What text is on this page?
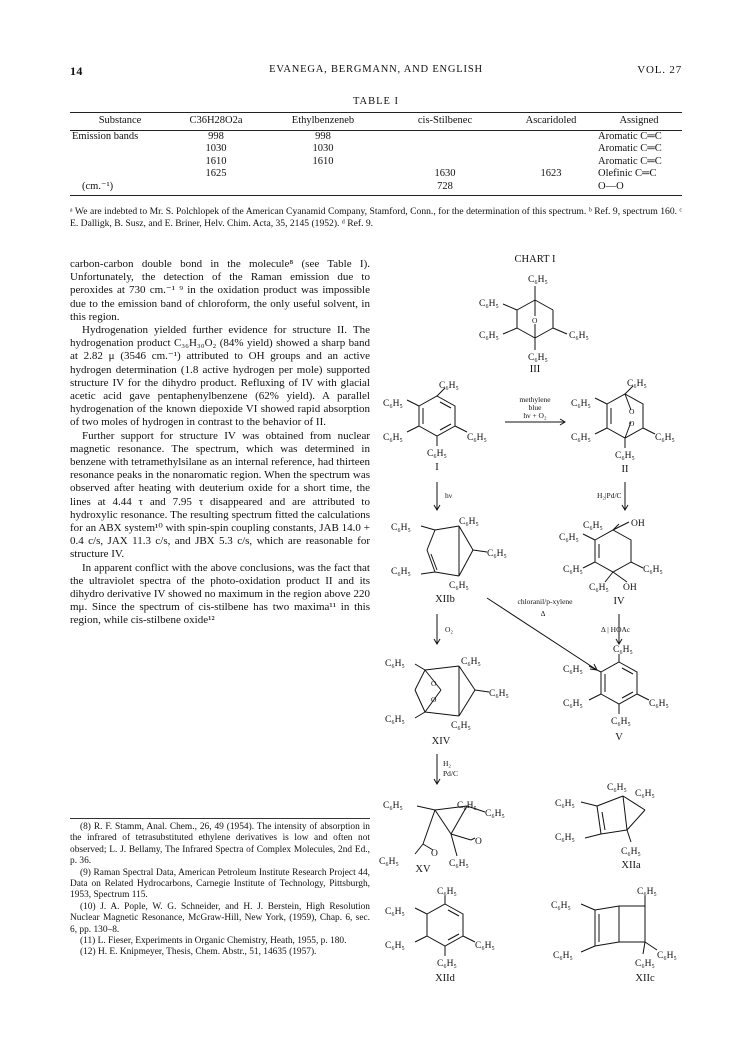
14	EVANEGA, BERGMANN, AND ENGLISH	VOL. 27
TABLE I
Substance	C36H28O2a	Ethylbenzeneb	cis-Stilbenec	Ascaridoled	Assigned
Emission bands	998	998			Aromatic C═C
	1030	1030			Aromatic C═C
	1610	1610			Aromatic C═C
	1625		1630	1623	Olefinic C═C
(cm.⁻¹)			728		O—O
ᵃ We are indebted to Mr. S. Polchlopek of the American Cyanamid Company, Stamford, Conn., for the determination of this spectrum. ᵇ Ref. 9, spectrum 160. ᶜ E. Dalligk, B. Susz, and E. Briner, Helv. Chim. Acta, 35, 2145 (1952). ᵈ Ref. 9.

carbon-carbon double bond in the molecule⁸ (see Table I). Unfortunately, the detection of the Raman emission due to peroxides at 730 cm.⁻¹ ⁹ in the oxidation product was impossible due to the emission band of chloroform, the only useful solvent, in this region.

Hydrogenation yielded further evidence for structure II. The hydrogenation product C₃₆H₃₀O₂ (84% yield) showed a sharp band at 2.82 μ (3546 cm.⁻¹) attributed to OH groups and an active hydrogen determination (1.8 active hydrogen per mole) supported structure IV for the dihydro product. Refluxing of IV with glacial acetic acid gave pentaphenylbenzene (62% yield). A parallel hydrogenation of the known diepoxide VI showed rapid absorption of two moles of hydrogen in contrast to the behavior of II.

Further support for structure IV was obtained from nuclear magnetic resonance. The spectrum, which was determined in benzene with tetramethylsilane as an internal reference, had thirteen resonance peaks in the nonaromatic region. When the spectrum was observed after heating with deuterium oxide for a short time, the lines at 4.44 τ and 7.95 τ disappeared and are attributed to hydroxylic resonance. The resulting spectrum fitted the calculations for an ABX system¹⁰ with spin-spin coupling constants, JAB 14.0 + 0.4 c/s, JAX 11.3 c/s, and JBX 5.3 c/s, which are reasonable for structure IV.

In apparent conflict with the above conclusions, was the fact that the ultraviolet spectra of the photo-oxidation product II and its dihydro derivative IV showed no maximum in the region above 220 mμ. Since the spectrum of cis-stilbene has two maxima¹¹ in this region, while cis-stilbene oxide¹²

(8) R. F. Stamm, Anal. Chem., 26, 49 (1954). The intensity of absorption in the infrared of tetrasubstituted ethylene derivatives is low and often not observed; L. J. Bellamy, The Infrared Spectra of Complex Molecules, 2nd Ed., p. 36.

(9) Raman Spectral Data, American Petroleum Institute Research Project 44, Data on Related Hydrocarbons, Carnegie Institute of Technology, Pittsburgh, 1953, Spectrum 115.

(10) J. A. Pople, W. G. Schneider, and H. J. Berstein, High Resolution Nuclear Magnetic Resonance, McGraw-Hill, New York, (1959), Chap. 6, sec. 6, pp. 130–8.

(11) L. Fieser, Experiments in Organic Chemistry, Heath, 1955, p. 180.

(12) H. E. Knipmeyer, Thesis, Chem. Abstr., 51, 14635 (1957).

CHART I
C₆H₅
C₆H₅
O
C₆H₅	C₆H₅
C₆H₅
III
C₆H₅
C₆H₅
C₆H₅	C₆H₅
C₆H₅
I
methylene
blue
hν + O₂
C₆H₅
C₆H₅
O
O
C₆H₅	C₆H₅
C₆H₅
II
hν	H₂|Pd/C
C₆H₅
C₆H₅
C₆H₅
C₆H₅
C₆H₅
XIIb
C₆H₅	OH
C₆H₅
C₆H₅	C₆H₅
C₆H₅ OH
IV
chloranil/p-xylene
Δ
O₂	Δ | HOAc
C₆H₅	C₆H₅
O
O
C₆H₅
C₆H₅
C₆H₅
XIV
C₆H₅
C₆H₅
C₆H₅	C₆H₅
C₆H₅
V
H₂
Pd/C
C₆H₅	C₆H₅
C₆H₅
O
O
C₆H₅	C₆H₅
XV
C₆H₅
C₆H₅
C₆H₅
C₆H₅
C₆H₅
XIIa
C₆H₅
C₆H₅
C₆H₅	C₆H₅
C₆H₅
XIId
C₆H₅
C₆H₅
C₆H₅	C₆H₅
C₆H₅
XIIc
